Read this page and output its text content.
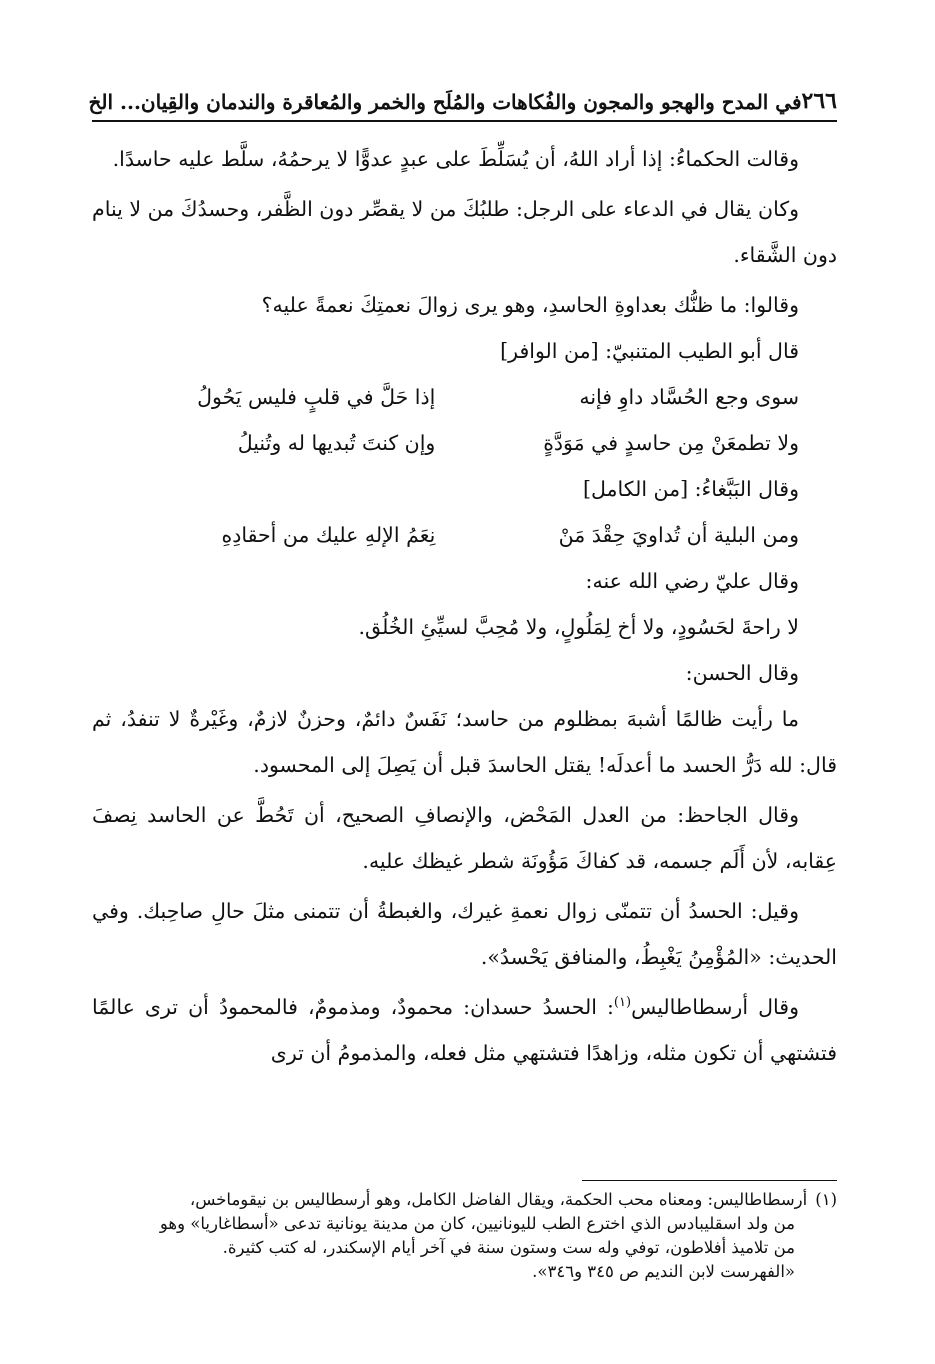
٢٦٦
في المدح والهجو والمجون والفُكاهات والمُلَح والخمر والمُعاقرة والندمان والقِيان... الخ

وقالت الحكماءُ: إذا أراد اللهُ، أن يُسَلِّطَ على عبدٍ عدوًّا لا يرحمُهُ، سلَّط عليه حاسدًا.

وكان يقال في الدعاء على الرجل: طلبُكَ من لا يقصِّر دون الظَّفر، وحسدُكَ من لا ينام دون الشَّقاء.

وقالوا: ما ظنُّك بعداوةِ الحاسدِ، وهو يرى زوالَ نعمتِكَ نعمةً عليه؟

قال أبو الطيب المتنبيّ: [من الوافر]

سوى وجع الحُسَّاد داوِ فإنه
إذا حَلَّ في قلبٍ فليس يَحُولُ
ولا تطمعَنْ مِن حاسدٍ في مَوَدَّةٍ
وإن كنتَ تُبديها له وتُنيلُ

وقال البَبَّغاءُ: [من الكامل]

ومن البلية أن تُداويَ حِقْدَ مَنْ
نِعَمُ الإلهِ عليك من أحقادِهِ

وقال عليّ رضي الله عنه:

لا راحةَ لحَسُودٍ، ولا أخ لِمَلُولٍ، ولا مُحِبَّ لسيِّئِ الخُلُق.

وقال الحسن:

ما رأيت ظالمًا أشبهَ بمظلوم من حاسد؛ نَفَسٌ دائمٌ، وحزنٌ لازمٌ، وغَيْرةٌ لا تنفدُ، ثم قال: لله دَرُّ الحسد ما أعدلَه! يقتل الحاسدَ قبل أن يَصِلَ إلى المحسود.

وقال الجاحظ: من العدل المَحْض، والإنصافِ الصحيح، أن تَحُطَّ عن الحاسد نِصفَ عِقابه، لأن أَلَم جسمه، قد كفاكَ مَؤُونَة شطر غيظك عليه.

وقيل: الحسدُ أن تتمنّى زوال نعمةِ غيرك، والغبطةُ أن تتمنى مثلَ حالِ صاحِبك. وفي الحديث: «المُؤْمِنُ يَغْبِطُ، والمنافق يَحْسدُ».

وقال أرسطاطاليس$^{(١)}$: الحسدُ حسدان: محمودٌ، ومذمومٌ، فالمحمودُ أن ترى عالمًا فتشتهي أن تكون مثله، وزاهدًا فتشتهي مثل فعله، والمذمومُ أن ترى

(١)
أرسطاطاليس: ومعناه محب الحكمة، ويقال الفاضل الكامل، وهو أرسطاليس بن نيقوماخس،

من ولد اسقليبادس الذي اخترع الطب لليونانيين، كان من مدينة يونانية تدعى «أسطاغاريا» وهو

من تلاميذ أفلاطون، توفي وله ست وستون سنة في آخر أيام الإسكندر، له كتب كثيرة.

«الفهرست لابن النديم ص ٣٤٥ و٣٤٦».
